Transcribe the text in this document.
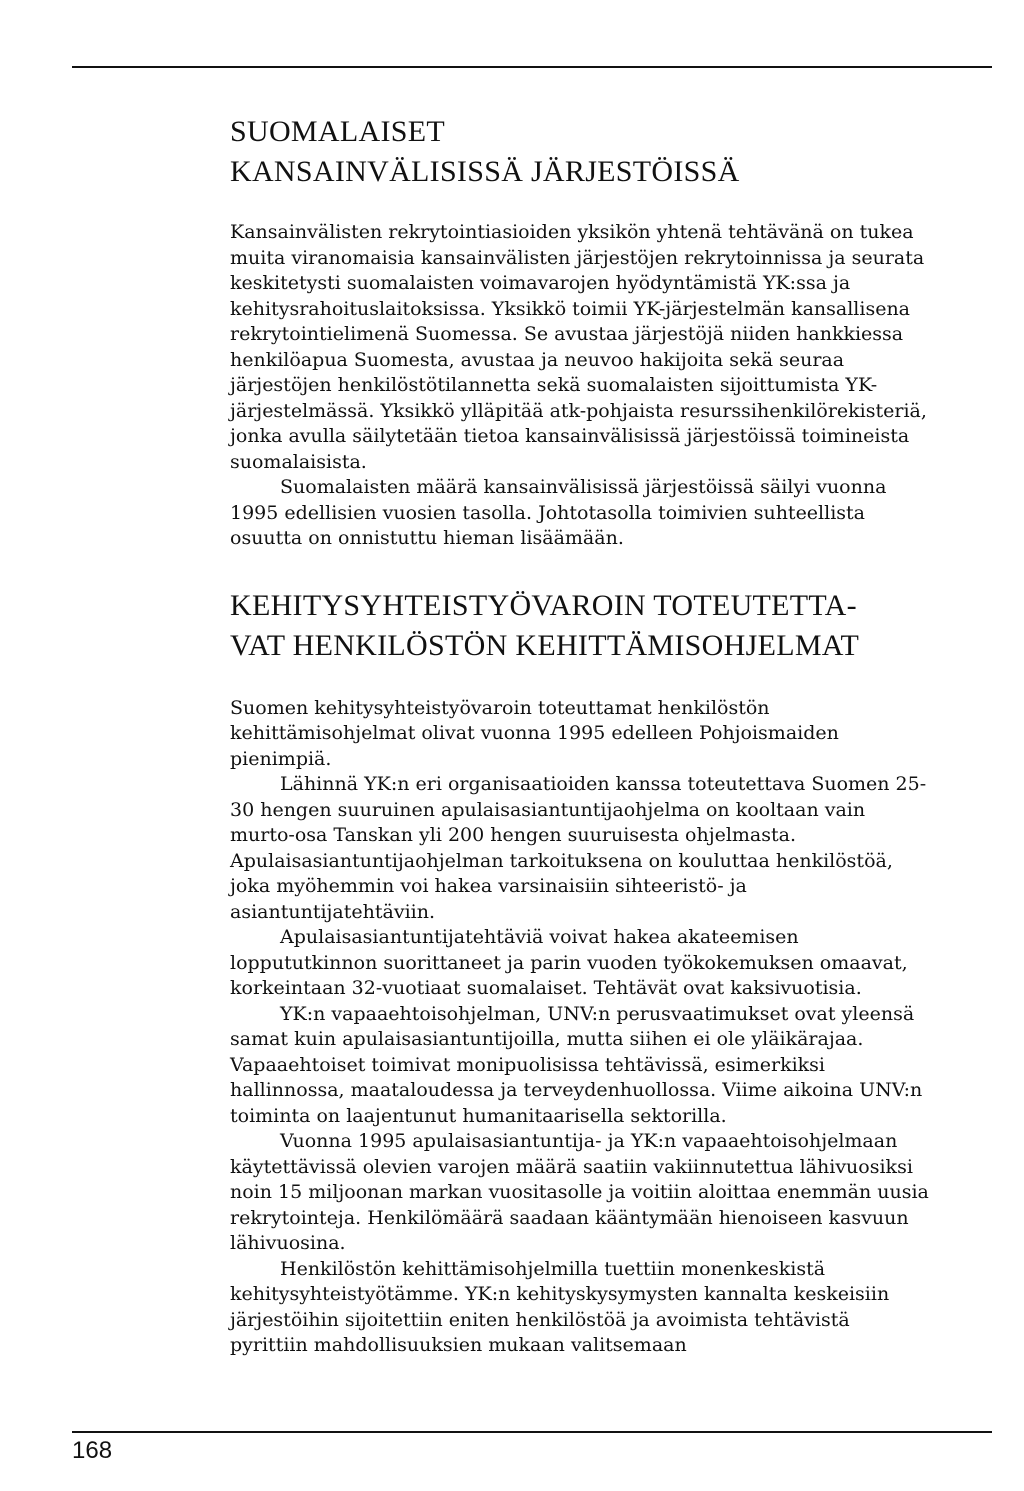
SUOMALAISET
KANSAINVÄLISISSÄ JÄRJESTÖISSÄ

Kansainvälisten rekrytointiasioiden yksikön yhtenä tehtävänä on tukea muita viranomaisia kansainvälisten järjestöjen rekrytoinnissa ja seurata keskitetysti suomalaisten voimavarojen hyödyntämistä YK:ssa ja kehitysrahoituslaitoksissa. Yksikkö toimii YK-järjestelmän kansallisena rekrytointielimenä Suomessa. Se avustaa järjestöjä niiden hankkiessa henkilöapua Suomesta, avustaa ja neuvoo hakijoita sekä seuraa järjestöjen henkilöstötilannetta sekä suomalaisten sijoittumista YK-järjestelmässä. Yksikkö ylläpitää atk-pohjaista resurssihenkilörekisteriä, jonka avulla säilytetään tietoa kansainvälisissä järjestöissä toimineista suomalaisista.

Suomalaisten määrä kansainvälisissä järjestöissä säilyi vuonna 1995 edellisien vuosien tasolla. Johtotasolla toimivien suhteellista osuutta on onnistuttu hieman lisäämään.

KEHITYSYHTEISTYÖVAROIN TOTEUTETTA-
VAT HENKILÖSTÖN KEHITTÄMISOHJELMAT

Suomen kehitysyhteistyövaroin toteuttamat henkilöstön kehittämisohjelmat olivat vuonna 1995 edelleen Pohjoismaiden pienimpiä.

Lähinnä YK:n eri organisaatioiden kanssa toteutettava Suomen 25-30 hengen suuruinen apulaisasiantuntijaohjelma on kooltaan vain murto-osa Tanskan yli 200 hengen suuruisesta ohjelmasta. Apulaisasiantuntijaohjelman tarkoituksena on kouluttaa henkilöstöä, joka myöhemmin voi hakea varsinaisiin sihteeristö- ja asiantuntijatehtäviin.

Apulaisasiantuntijatehtäviä voivat hakea akateemisen loppututkinnon suorittaneet ja parin vuoden työkokemuksen omaavat, korkeintaan 32-vuotiaat suomalaiset. Tehtävät ovat kaksivuotisia.

YK:n vapaaehtoisohjelman, UNV:n perusvaatimukset ovat yleensä samat kuin apulaisasiantuntijoilla, mutta siihen ei ole yläikärajaa. Vapaaehtoiset toimivat monipuolisissa tehtävissä, esimerkiksi hallinnossa, maataloudessa ja terveydenhuollossa. Viime aikoina UNV:n toiminta on laajentunut humanitaarisella sektorilla.

Vuonna 1995 apulaisasiantuntija- ja YK:n vapaaehtoisohjelmaan käytettävissä olevien varojen määrä saatiin vakiinnutettua lähivuosiksi noin 15 miljoonan markan vuositasolle ja voitiin aloittaa enemmän uusia rekrytointeja. Henkilömäärä saadaan kääntymään hienoiseen kasvuun lähivuosina.

Henkilöstön kehittämisohjelmilla tuettiin monenkeskistä kehitysyhteistyötämme. YK:n kehityskysymysten kannalta keskeisiin järjestöihin sijoitettiin eniten henkilöstöä ja avoimista tehtävistä pyrittiin mahdollisuuksien mukaan valitsemaan

168
